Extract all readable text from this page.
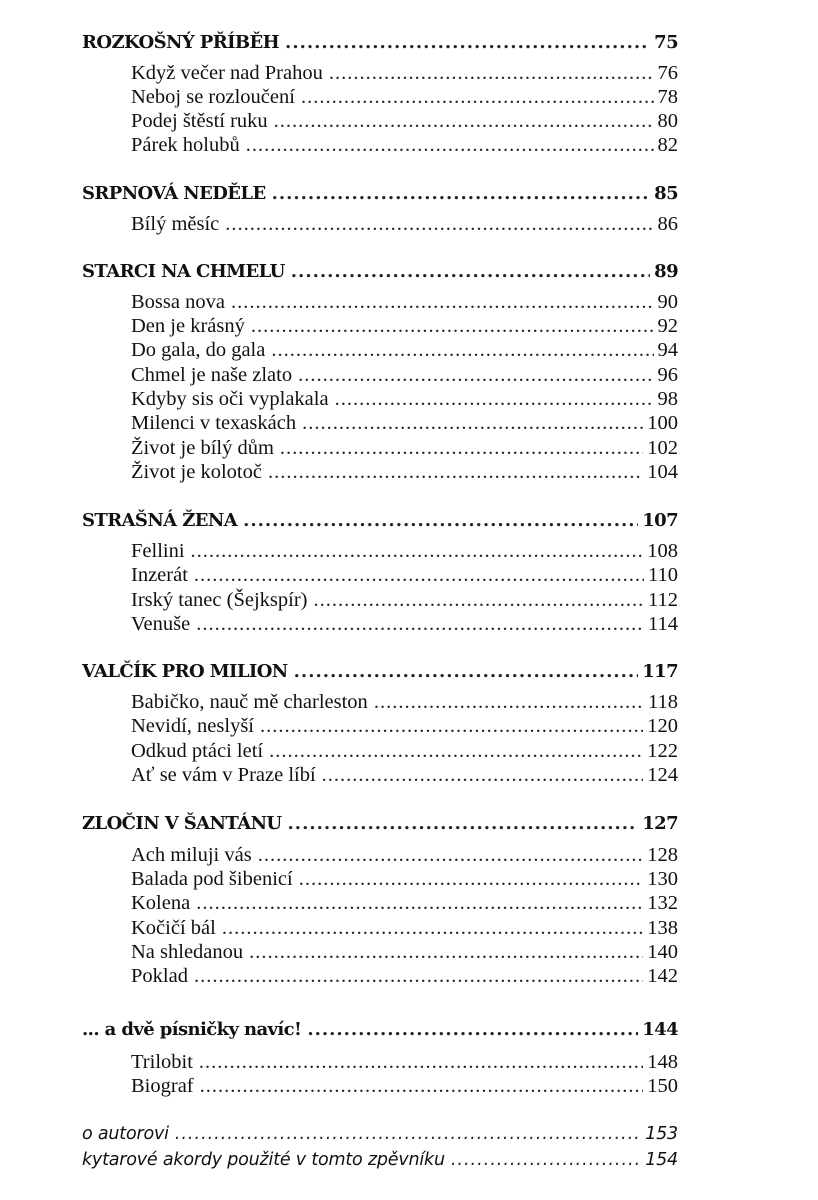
ROZKOŠNÝ PŘÍBĚH .....	75
Když večer nad Prahou .....	76
Neboj se rozloučení .....	78
Podej štěstí ruku .....	80
Párek holubů .....	82
SRPNOVÁ NEDĚLE .....	85
Bílý měsíc .....	86
STARCI NA CHMELU .....	89
Bossa nova .....	90
Den je krásný .....	92
Do gala, do gala .....	94
Chmel je naše zlato .....	96
Kdyby sis oči vyplakala .....	98
Milenci v texaskách .....	100
Život je bílý dům .....	102
Život je kolotoč .....	104
STRAŠNÁ ŽENA .....	107
Fellini .....	108
Inzerát .....	110
Irský tanec (Šejkspír) .....	112
Venuše .....	114
VALČÍK PRO MILION .....	117
Babičko, nauč mě charleston .....	118
Nevidí, neslyší .....	120
Odkud ptáci letí .....	122
Ať se vám v Praze líbí .....	124
ZLOČIN V ŠANTÁNU .....	127
Ach miluji vás .....	128
Balada pod šibenicí .....	130
Kolena .....	132
Kočičí bál .....	138
Na shledanou .....	140
Poklad .....	142
... a dvě písničky navíc! .....	144
Trilobit .....	148
Biograf .....	150
o autorovi .....	153
kytarové akordy použité v tomto zpěvníku .....	154
